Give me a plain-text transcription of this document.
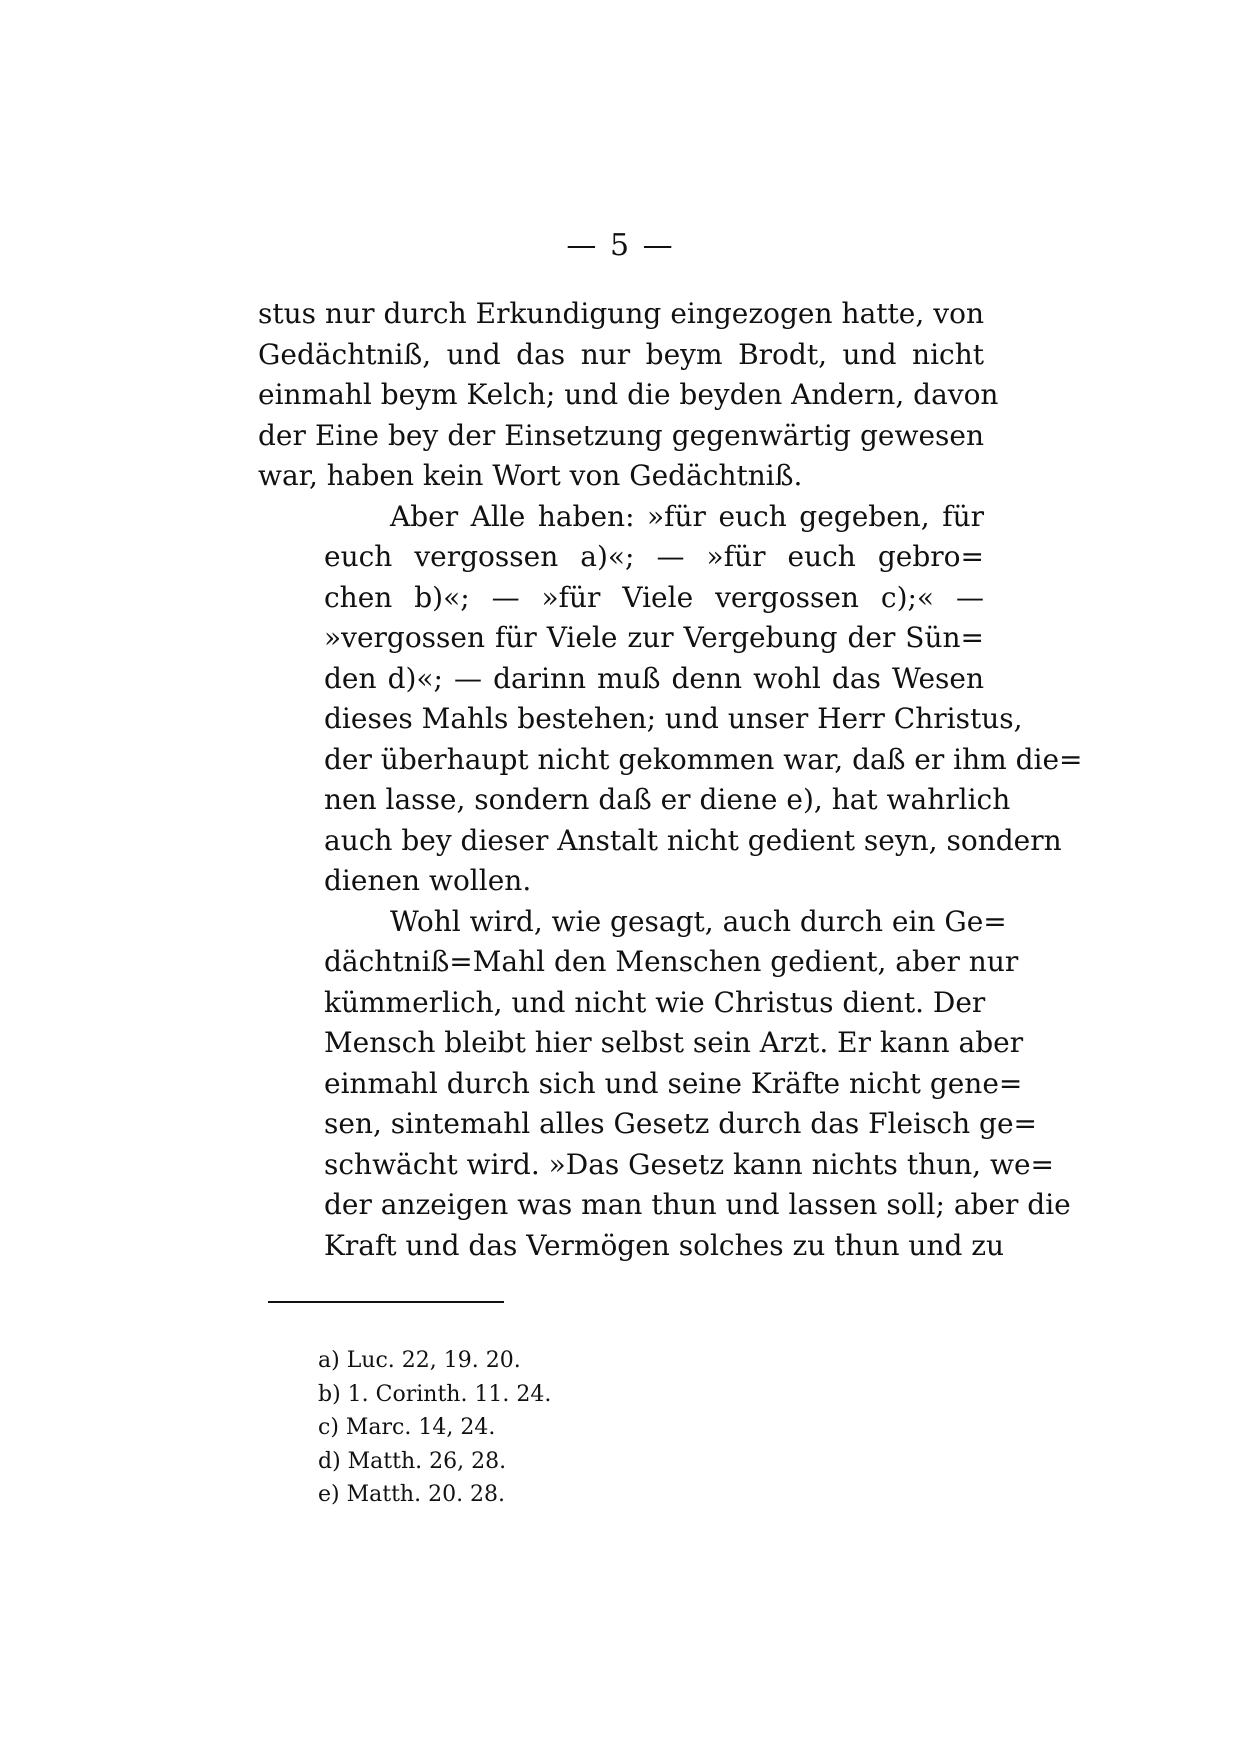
— 5 —

stus nur durch Erkundigung eingezogen hatte, von
Gedächtniß, und das nur beym Brodt, und nicht
einmahl beym Kelch; und die beyden Andern, davon
der Eine bey der Einsetzung gegenwärtig gewesen
war, haben kein Wort von Gedächtniß.

Aber Alle haben: »für euch gegeben, für
euch vergossen a)«; — »für euch gebro=
chen b)«; — »für Viele vergossen c);« —
»vergossen für Viele zur Vergebung der Sün=
den d)«; — darinn muß denn wohl das Wesen
dieses Mahls bestehen; und unser Herr Christus,
der überhaupt nicht gekommen war, daß er ihm die=
nen lasse, sondern daß er diene e), hat wahrlich
auch bey dieser Anstalt nicht gedient seyn, sondern
dienen wollen.

Wohl wird, wie gesagt, auch durch ein Ge=
dächtniß=Mahl den Menschen gedient, aber nur
kümmerlich, und nicht wie Christus dient. Der
Mensch bleibt hier selbst sein Arzt. Er kann aber
einmahl durch sich und seine Kräfte nicht gene=
sen, sintemahl alles Gesetz durch das Fleisch ge=
schwächt wird. »Das Gesetz kann nichts thun, we=
der anzeigen was man thun und lassen soll; aber die
Kraft und das Vermögen solches zu thun und zu

a) Luc. 22, 19. 20.
b) 1. Corinth. 11. 24.
c) Marc. 14, 24.
d) Matth. 26, 28.
e) Matth. 20. 28.
